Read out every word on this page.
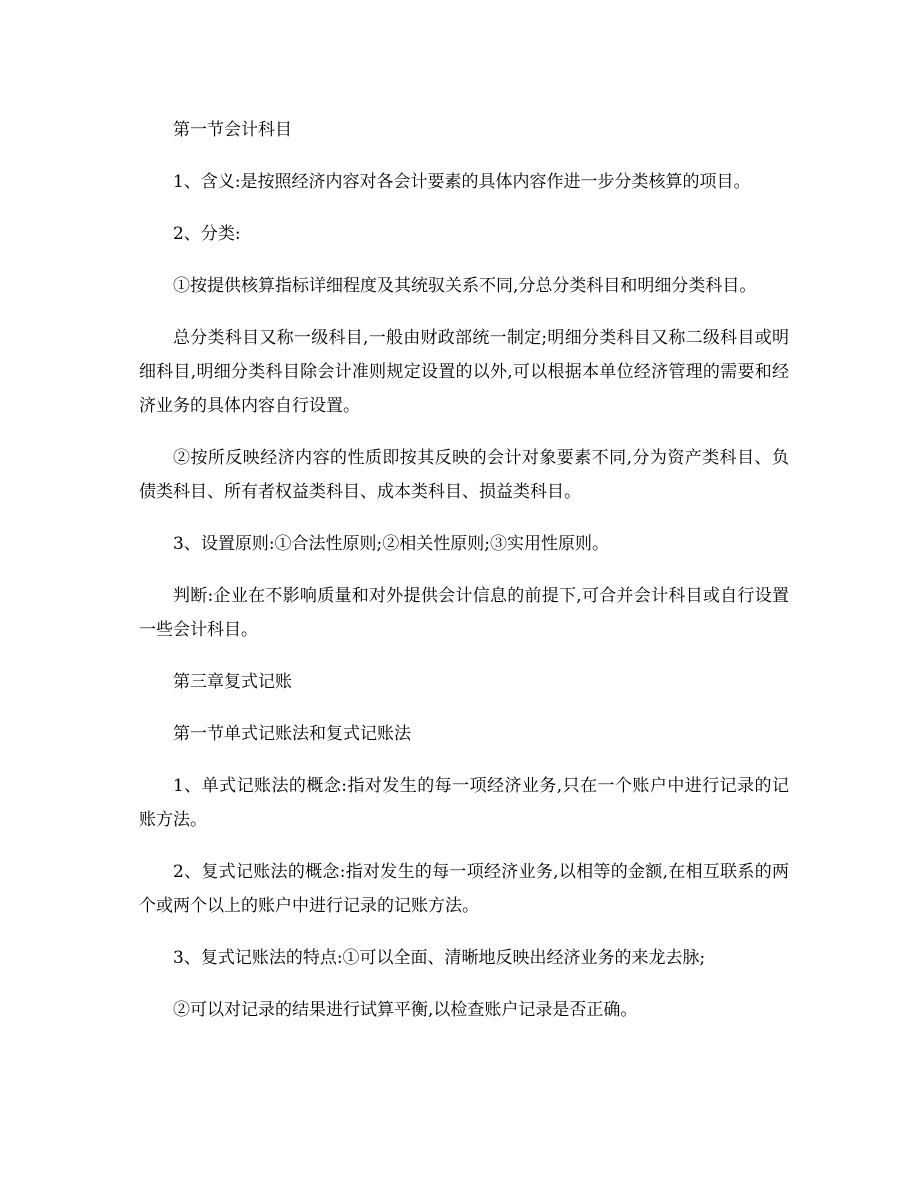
第一节会计科目

1、含义:是按照经济内容对各会计要素的具体内容作进一步分类核算的项目。

2、分类:

①按提供核算指标详细程度及其统驭关系不同,分总分类科目和明细分类科目。

总分类科目又称一级科目,一般由财政部统一制定;明细分类科目又称二级科目或明细科目,明细分类科目除会计准则规定设置的以外,可以根据本单位经济管理的需要和经济业务的具体内容自行设置。

②按所反映经济内容的性质即按其反映的会计对象要素不同,分为资产类科目、负债类科目、所有者权益类科目、成本类科目、损益类科目。

3、设置原则:①合法性原则;②相关性原则;③实用性原则。

判断:企业在不影响质量和对外提供会计信息的前提下,可合并会计科目或自行设置一些会计科目。

第三章复式记账

第一节单式记账法和复式记账法

1、单式记账法的概念:指对发生的每一项经济业务,只在一个账户中进行记录的记账方法。

2、复式记账法的概念:指对发生的每一项经济业务,以相等的金额,在相互联系的两个或两个以上的账户中进行记录的记账方法。

3、复式记账法的特点:①可以全面、清晰地反映出经济业务的来龙去脉;

②可以对记录的结果进行试算平衡,以检查账户记录是否正确。
